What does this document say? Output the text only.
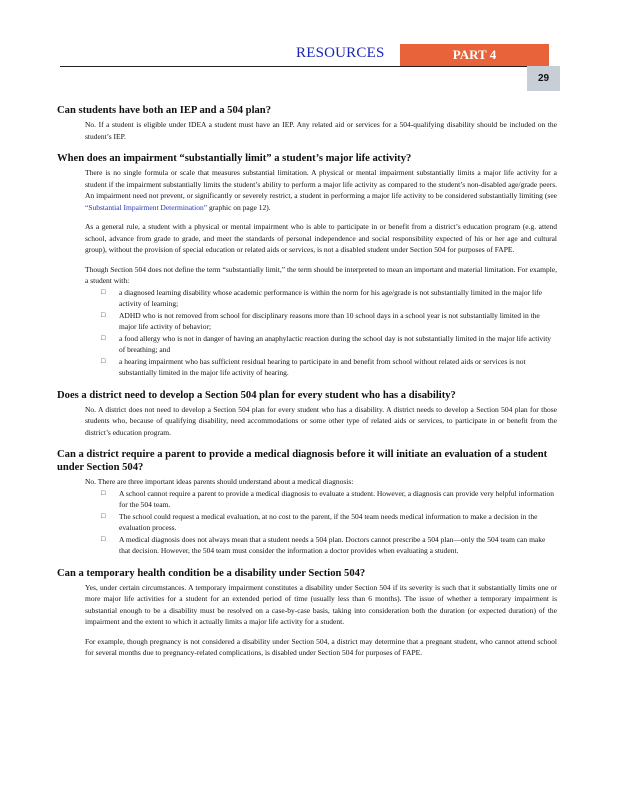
RESOURCES	PART 4
29
Can students have both an IEP and a 504 plan?

No. If a student is eligible under IDEA a student must have an IEP. Any related aid or services for a 504-qualifying disability should be included on the student’s IEP.

When does an impairment “substantially limit” a student’s major life activity?

There is no single formula or scale that measures substantial limitation. A physical or mental impairment substantially limits a major life activity for a student if the impairment substantially limits the student’s ability to perform a major life activity as compared to the student’s non-disabled age/grade peers. An impairment need not prevent, or significantly or severely restrict, a student in performing a major life activity to be considered substantially limiting (see “Substantial Impairment Determination” graphic on page 12).

As a general rule, a student with a physical or mental impairment who is able to participate in or benefit from a district’s education program (e.g. attend school, advance from grade to grade, and meet the standards of personal independence and social responsibility expected of his or her age and cultural group), without the provision of special education or related aids or services, is not a disabled student under Section 504 for purposes of FAPE.

Though Section 504 does not define the term “substantially limit,” the term should be interpreted to mean an important and material limitation. For example, a student with:

□ a diagnosed learning disability whose academic performance is within the norm for his age/grade is not substantially limited in the major life activity of learning;
□ ADHD who is not removed from school for disciplinary reasons more than 10 school days in a school year is not substantially limited in the major life activity of behavior;
□ a food allergy who is not in danger of having an anaphylactic reaction during the school day is not substantially limited in the major life activity of breathing; and
□ a hearing impairment who has sufficient residual hearing to participate in and benefit from school without related aids or services is not substantially limited in the major life activity of hearing.
Does a district need to develop a Section 504 plan for every student who has a disability?

No. A district does not need to develop a Section 504 plan for every student who has a disability. A district needs to develop a Section 504 plan for those students who, because of qualifying disability, need accommodations or some other type of related aids or services, to participate in or benefit from the district’s education program.

Can a district require a parent to provide a medical diagnosis before it will initiate an evaluation of a student under Section 504?

No. There are three important ideas parents should understand about a medical diagnosis:

□ A school cannot require a parent to provide a medical diagnosis to evaluate a student. However, a diagnosis can provide very helpful information for the 504 team.
□ The school could request a medical evaluation, at no cost to the parent, if the 504 team needs medical information to make a decision in the evaluation process.
□ A medical diagnosis does not always mean that a student needs a 504 plan. Doctors cannot prescribe a 504 plan—only the 504 team can make that decision. However, the 504 team must consider the information a doctor provides when evaluating a student.
Can a temporary health condition be a disability under Section 504?

Yes, under certain circumstances. A temporary impairment constitutes a disability under Section 504 if its severity is such that it substantially limits one or more major life activities for a student for an extended period of time (usually less than 6 months). The issue of whether a temporary impairment is substantial enough to be a disability must be resolved on a case-by-case basis, taking into consideration both the duration (or expected duration) of the impairment and the extent to which it actually limits a major life activity for a student.

For example, though pregnancy is not considered a disability under Section 504, a district may determine that a pregnant student, who cannot attend school for several months due to pregnancy-related complications, is disabled under Section 504 for purposes of FAPE.
